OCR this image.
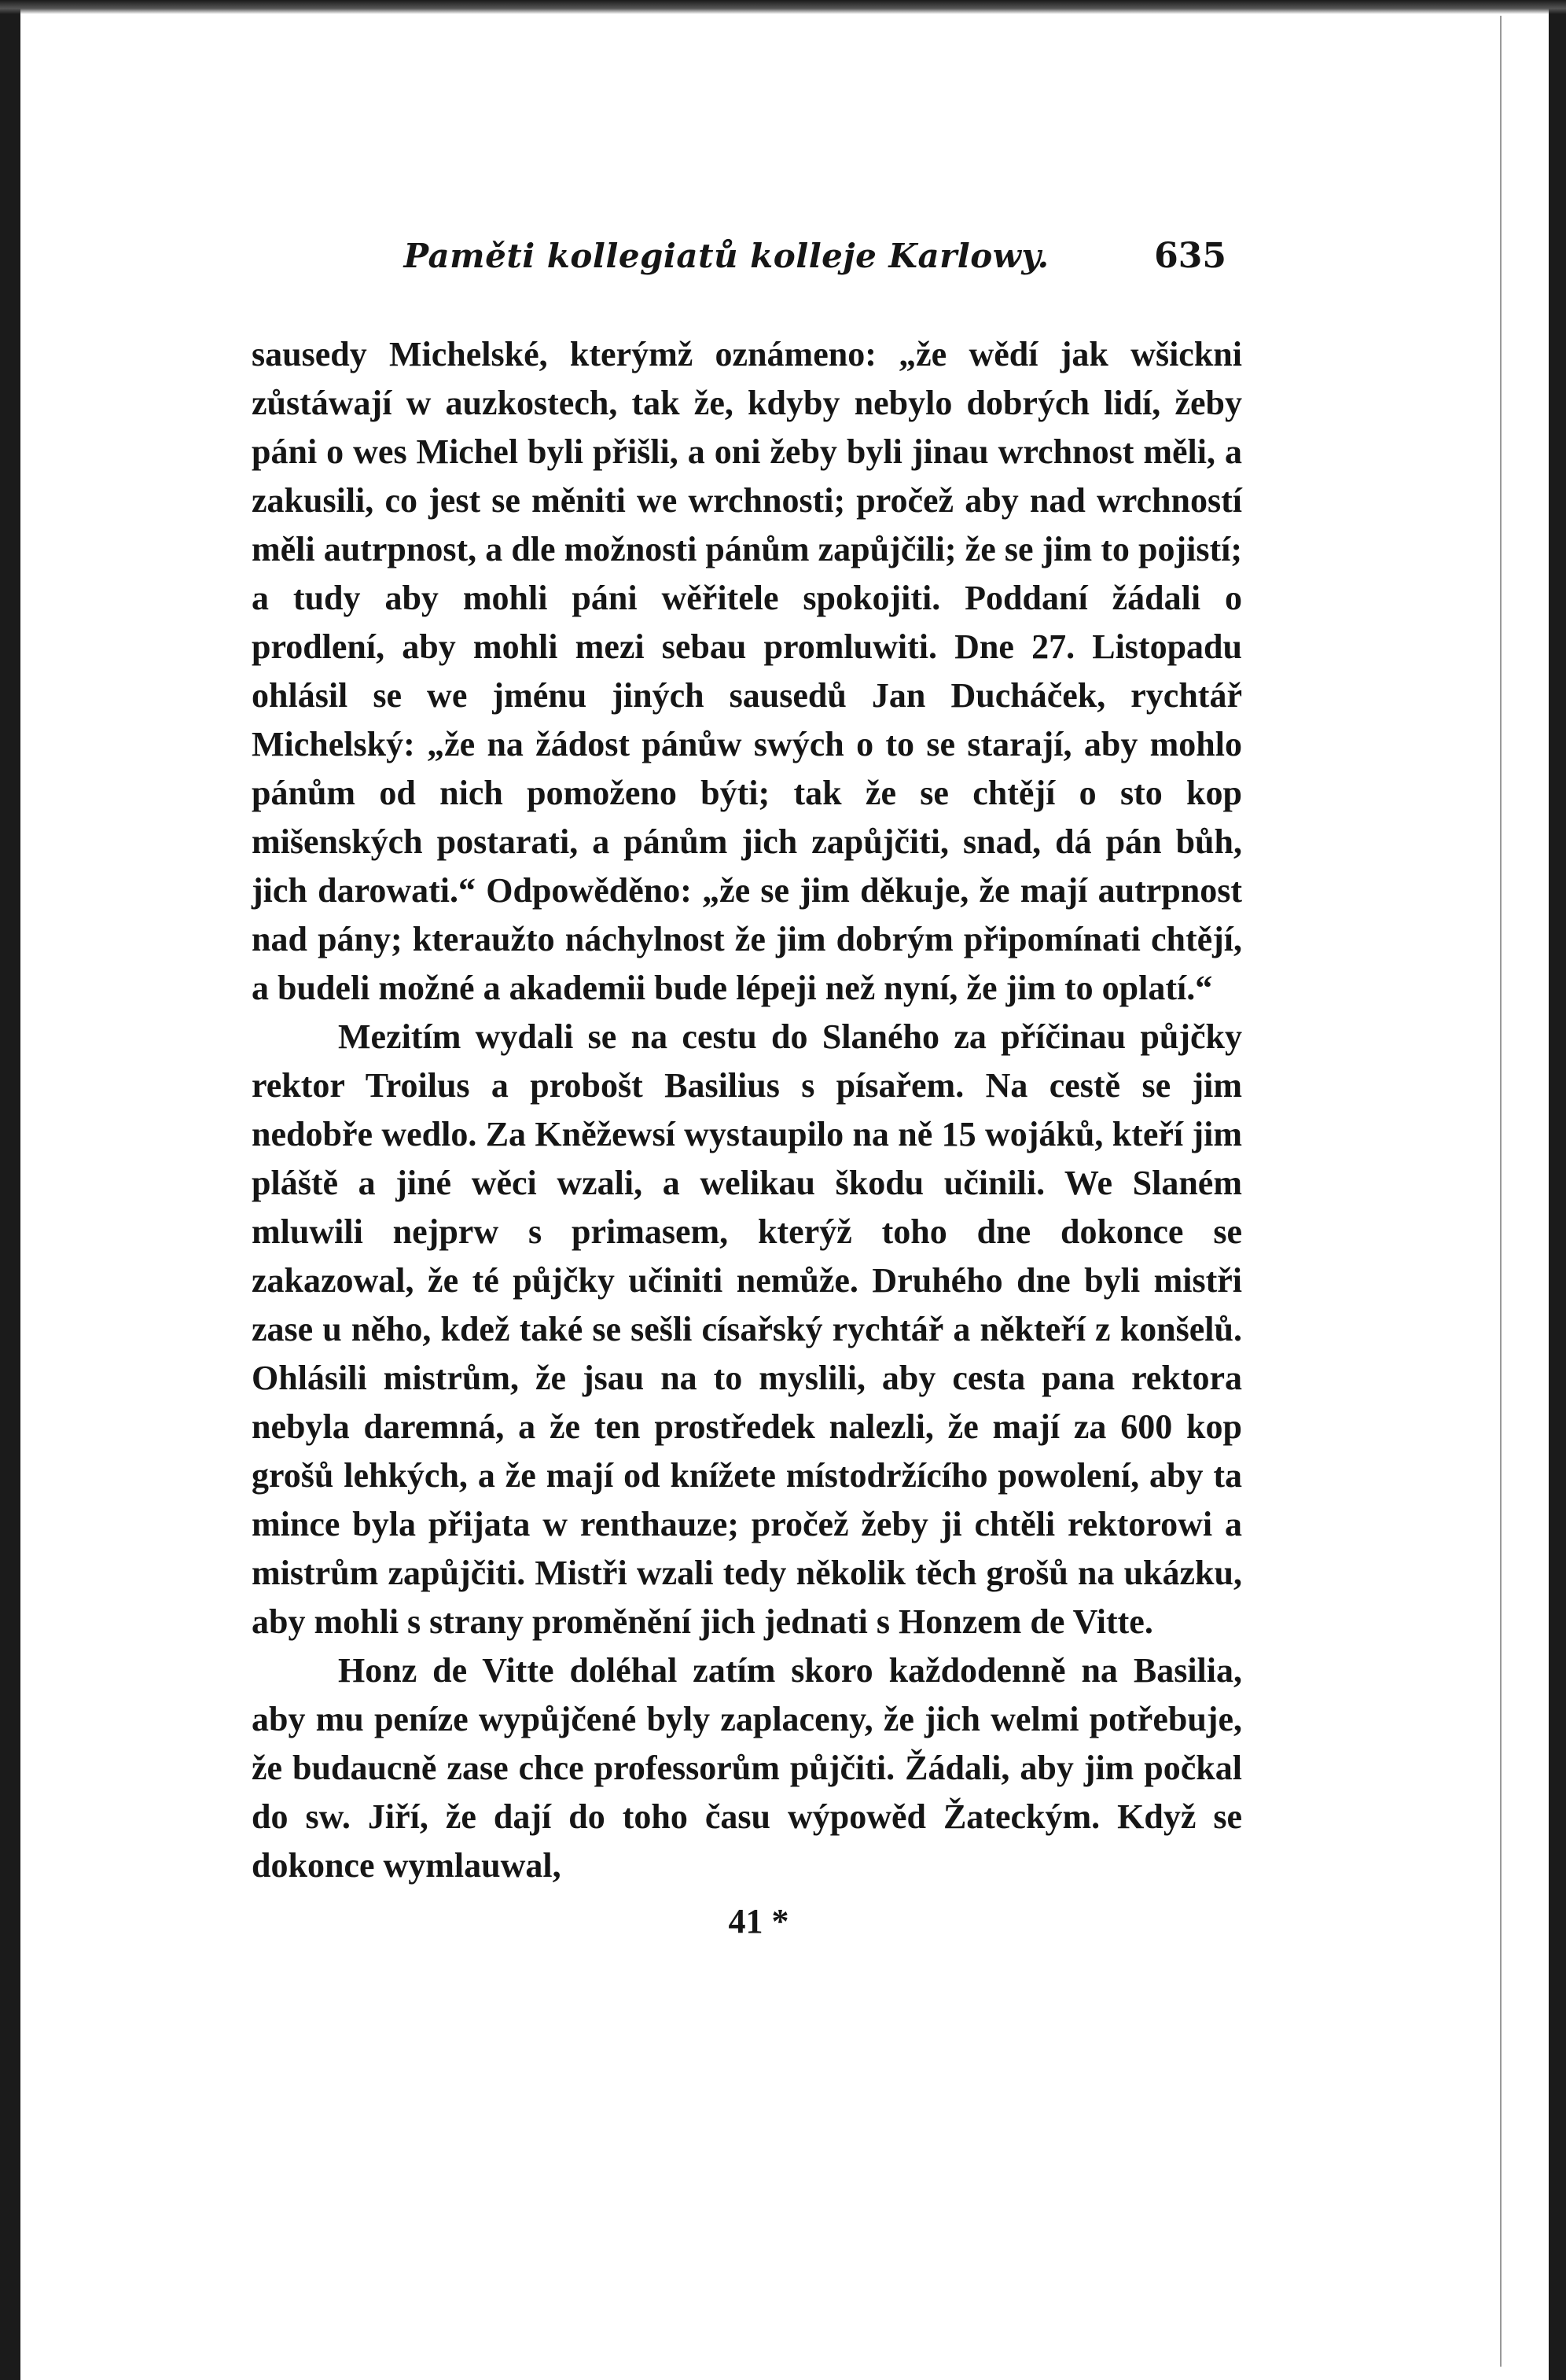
Paměti kollegiatů kolleje Karlowy.	635

sausedy Michelské, kterýmž oznámeno: „že wědí jak wšickni zůstáwají w auzkostech, tak že, kdyby nebylo dobrých lidí, žeby páni o wes Michel byli přišli, a oni žeby byli jinau wrchnost měli, a zakusili, co jest se měniti we wrchnosti; pročež aby nad wrchností měli autrpnost, a dle možnosti pánům zapůjčili; že se jim to pojistí; a tudy aby mohli páni wěřitele spokojiti. Poddaní žádali o prodlení, aby mohli mezi sebau promluwiti. Dne 27. Listopadu ohlásil se we jménu jiných sausedů Jan Ducháček, rychtář Michelský: „že na žádost pánůw swých o to se starají, aby mohlo pánům od nich pomoženo býti; tak že se chtějí o sto kop mišenských postarati, a pánům jich zapůjčiti, snad, dá pán bůh, jich darowati.“ Odpowěděno: „že se jim děkuje, že mají autrpnost nad pány; kteraužto náchylnost že jim dobrým připomínati chtějí, a budeli možné a akademii bude lépeji než nyní, že jim to oplatí.“

Mezitím wydali se na cestu do Slaného za příčinau půjčky rektor Troilus a probošt Basilius s písařem. Na cestě se jim nedobře wedlo. Za Kněžewsí wystaupilo na ně 15 wojáků, kteří jim pláště a jiné wěci wzali, a welikau škodu učinili. We Slaném mluwili nejprw s primasem, kterýž toho dne dokonce se zakazowal, že té půjčky učiniti nemůže. Druhého dne byli mistři zase u něho, kdež také se sešli císařský rychtář a někteří z konšelů. Ohlásili mistrům, že jsau na to myslili, aby cesta pana rektora nebyla daremná, a že ten prostředek nalezli, že mají za 600 kop grošů lehkých, a že mají od knížete místodržícího powolení, aby ta mince byla přijata w renthauze; pročež žeby ji chtěli rektorowi a mistrům zapůjčiti. Mistři wzali tedy několik těch grošů na ukázku, aby mohli s strany proměnění jich jednati s Honzem de Vitte.

Honz de Vitte doléhal zatím skoro každodenně na Basilia, aby mu peníze wypůjčené byly zaplaceny, že jich welmi potřebuje, že budaucně zase chce professorům půjčiti. Žádali, aby jim počkal do sw. Jiří, že dají do toho času wýpowěd Žateckým. Když se dokonce wymlauwal,

41 *
